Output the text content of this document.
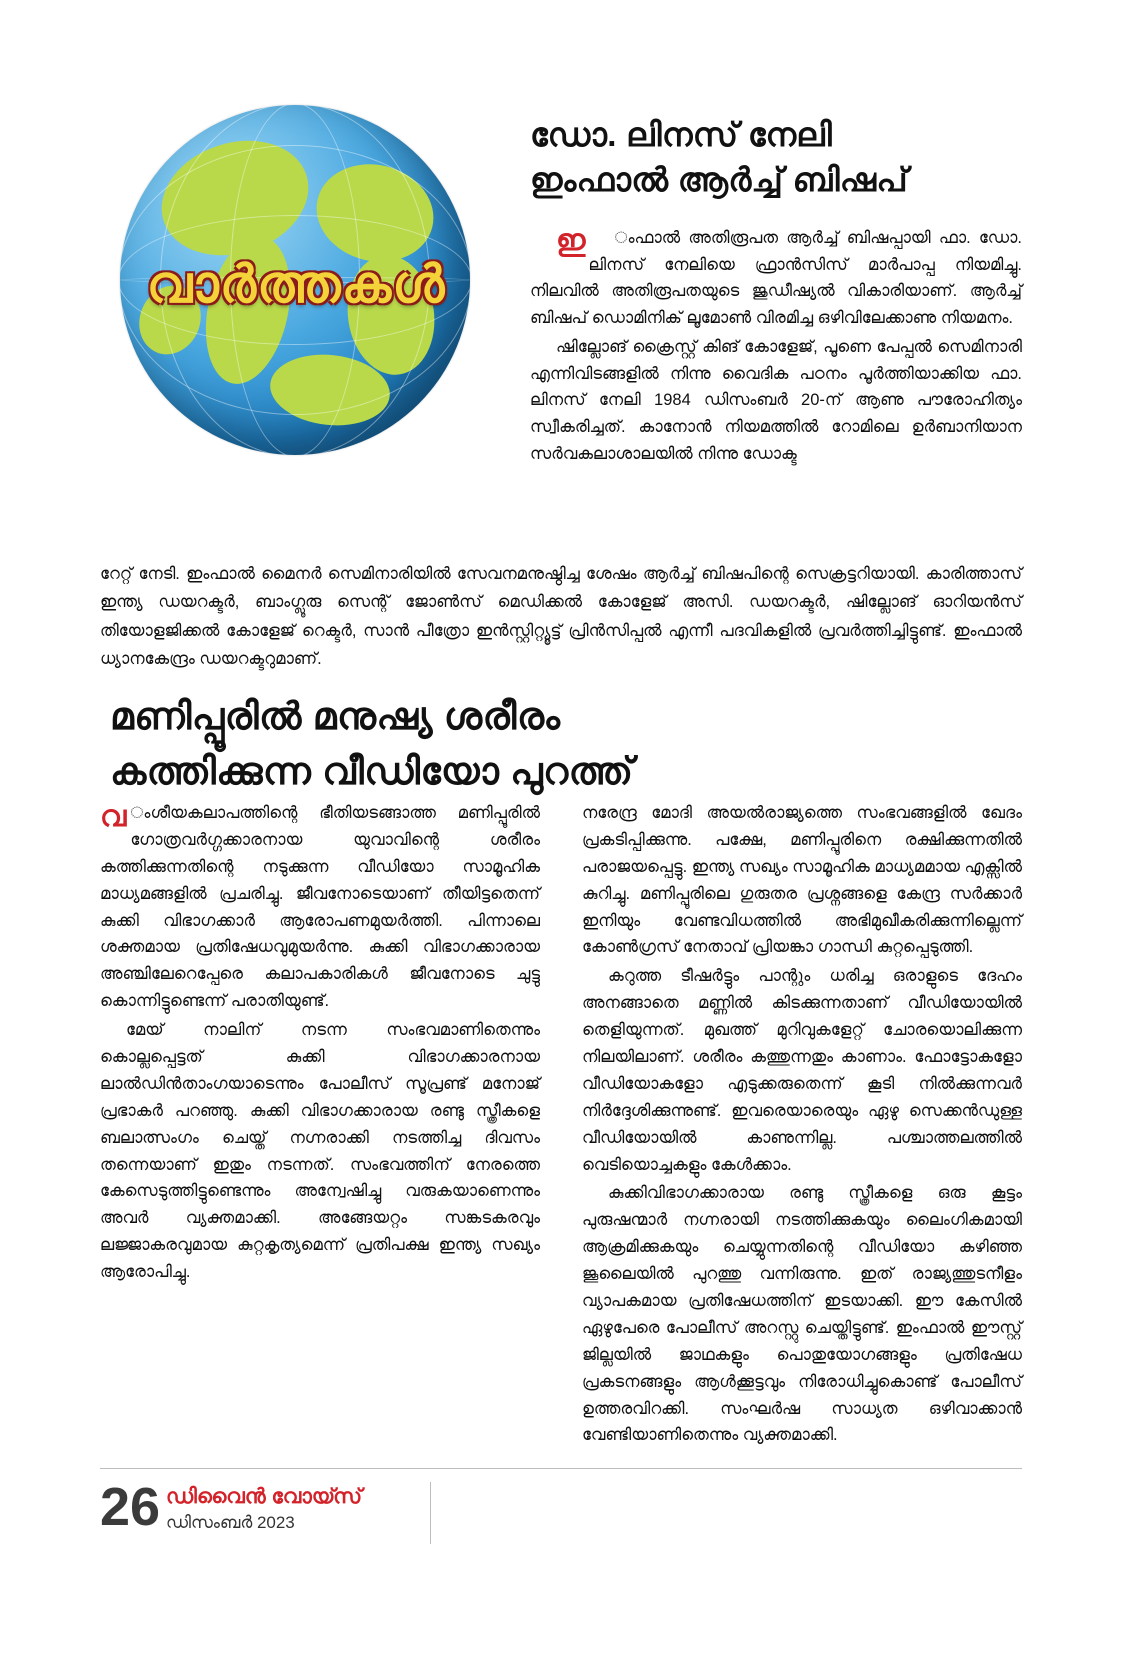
വാർത്തകൾ
ഡോ. ലിനസ് നേലി
ഇംഫാൽ ആർച്ച് ബിഷപ്

ഇ ംഫാൽ അതിരൂപത ആർച്ച് ബിഷപ്പായി ഫാ. ഡോ. ലിനസ് നേലിയെ ഫ്രാൻസിസ് മാർപാപ്പ നിയമിച്ചു. നിലവിൽ അതിരൂപതയുടെ ജുഡീഷ്യൽ വികാരിയാണ്. ആർച്ച് ബിഷപ് ഡൊമിനിക് ലൂമോൺ വിരമിച്ച ഒഴിവിലേക്കാണു നിയമനം.

ഷില്ലോങ് ക്രൈസ്റ്റ് കിങ് കോളേജ്, പൂണെ പേപ്പൽ സെമിനാരി എന്നിവിടങ്ങളിൽ നിന്നു വൈദിക പഠനം പൂർത്തിയാക്കിയ ഫാ. ലിനസ് നേലി 1984 ഡിസംബർ 20‑ന് ആണു പൗരോഹിത്യം സ്വീകരിച്ചത്. കാനോൻ നിയമത്തിൽ റോമിലെ ഉർബാനിയാന സർവകലാശാലയിൽ നിന്നു ഡോക്ട

റേറ്റ് നേടി. ഇംഫാൽ മൈനർ സെമിനാരിയിൽ സേവനമനുഷ്ഠിച്ച ശേഷം ആർച്ച് ബിഷപിന്റെ സെക്രട്ടറിയായി. കാരിത്താസ് ഇന്ത്യ ഡയറക്ടർ, ബാംഗ്ലൂരു സെന്റ് ജോൺസ് മെഡിക്കൽ കോളേജ് അസി. ഡയറക്ടർ, ഷില്ലോങ് ഓറിയൻസ് തിയോളജിക്കൽ കോളേജ് റെക്ടർ, സാൻ പീത്രോ ഇൻസ്റ്റിറ്റ്യൂട്ട് പ്രിൻസിപ്പൽ എന്നീ പദവികളിൽ പ്രവർത്തിച്ചിട്ടുണ്ട്. ഇംഫാൽ ധ്യാനകേന്ദ്രം ഡയറക്ടറുമാണ്.
മണിപ്പൂരിൽ മനുഷ്യ ശരീരം
കത്തിക്കുന്ന വീഡിയോ പുറത്ത്

വ ംശീയകലാപത്തിന്റെ ഭീതിയടങ്ങാത്ത മണിപ്പൂരിൽ ഗോത്രവർഗ്ഗക്കാരനായ യുവാവിന്റെ ശരീരം കത്തിക്കുന്നതിന്റെ നടുക്കുന്ന വീഡിയോ സാമൂഹിക മാധ്യമങ്ങളിൽ പ്രചരിച്ചു. ജീവനോടെയാണ് തീയിട്ടതെന്ന് കുക്കി വിഭാഗക്കാർ ആരോപണമുയർത്തി. പിന്നാലെ ശക്തമായ പ്രതിഷേധവുമുയർന്നു. കുക്കി വിഭാഗക്കാരായ അഞ്ചിലേറെപ്പേരെ കലാപകാരികൾ ജീവനോടെ ചുട്ടു കൊന്നിട്ടുണ്ടെന്ന് പരാതിയുണ്ട്.

മേയ് നാലിന് നടന്ന സംഭവമാണിതെന്നും കൊല്ലപ്പെട്ടത് കുക്കി വിഭാഗക്കാരനായ ലാൽഡിൻതാംഗയാടെന്നും പോലീസ് സൂപ്രണ്ട് മനോജ് പ്രഭാകർ പറഞ്ഞു. കുക്കി വിഭാഗക്കാരായ രണ്ടു സ്ത്രീകളെ ബലാത്സംഗം ചെയ്ത് നഗ്നരാക്കി നടത്തിച്ച ദിവസം തന്നെയാണ് ഇതും നടന്നത്. സംഭവത്തിന് നേരത്തെ കേസെടുത്തിട്ടുണ്ടെന്നും അന്വേഷിച്ചു വരുകയാണെന്നും അവർ വ്യക്തമാക്കി. അങ്ങേയറ്റം സങ്കടകരവും ലജ്ജാകരവുമായ കുറ്റകൃത്യമെന്ന് പ്രതിപക്ഷ ഇന്ത്യ സഖ്യം ആരോപിച്ചു.

നരേന്ദ്ര മോദി അയൽരാജ്യത്തെ സംഭവങ്ങളിൽ ഖേദം പ്രകടിപ്പിക്കുന്നു. പക്ഷേ, മണിപ്പൂരിനെ രക്ഷിക്കുന്നതിൽ പരാജയപ്പെട്ടു. ഇന്ത്യ സഖ്യം സാമൂഹിക മാധ്യമമായ എക്സിൽ കുറിച്ചു. മണിപ്പൂരിലെ ഗുരുതര പ്രശ്നങ്ങളെ കേന്ദ്ര സർക്കാർ ഇനിയും വേണ്ടവിധത്തിൽ അഭിമുഖീകരിക്കുന്നില്ലെന്ന് കോൺഗ്രസ് നേതാവ് പ്രിയങ്കാ ഗാന്ധി കുറ്റപ്പെടുത്തി.

കറുത്ത ടീഷർട്ടും പാന്റും ധരിച്ച ഒരാളുടെ ദേഹം അനങ്ങാതെ മണ്ണിൽ കിടക്കുന്നതാണ് വീഡിയോയിൽ തെളിയുന്നത്. മുഖത്ത് മുറിവുകളേറ്റ് ചോരയൊലിക്കുന്ന നിലയിലാണ്. ശരീരം കത്തുന്നതും കാണാം. ഫോട്ടോകളോ വീഡിയോകളോ എടുക്കരുതെന്ന് കൂടി നിൽക്കുന്നവർ നിർദ്ദേശിക്കുന്നുണ്ട്. ഇവരെയാരെയും ഏഴു സെക്കൻഡുള്ള വീഡിയോയിൽ കാണുന്നില്ല. പശ്ചാത്തലത്തിൽ വെടിയൊച്ചകളും കേൾക്കാം.

കുക്കിവിഭാഗക്കാരായ രണ്ടു സ്ത്രീകളെ ഒരു കൂട്ടം പുരുഷന്മാർ നഗ്നരായി നടത്തിക്കുകയും ലൈംഗികമായി ആക്രമിക്കുകയും ചെയ്യുന്നതിന്റെ വീഡിയോ കഴിഞ്ഞ ജൂലൈയിൽ പുറത്തു വന്നിരുന്നു. ഇത് രാജ്യത്തുടനീളം വ്യാപകമായ പ്രതിഷേധത്തിന് ഇടയാക്കി. ഈ കേസിൽ ഏഴുപേരെ പോലീസ് അറസ്റ്റു ചെയ്തിട്ടുണ്ട്. ഇംഫാൽ ഈസ്റ്റ് ജില്ലയിൽ ജാഥകളും പൊതുയോഗങ്ങളും പ്രതിഷേധ പ്രകടനങ്ങളും ആൾക്കൂട്ടവും നിരോധിച്ചുകൊണ്ട് പോലീസ് ഉത്തരവിറക്കി. സംഘർഷ സാധ്യത ഒഴിവാക്കാൻ വേണ്ടിയാണിതെന്നും വ്യക്തമാക്കി.

26 ഡിവൈൻ വോയ്സ്
ഡിസംബർ 2023
